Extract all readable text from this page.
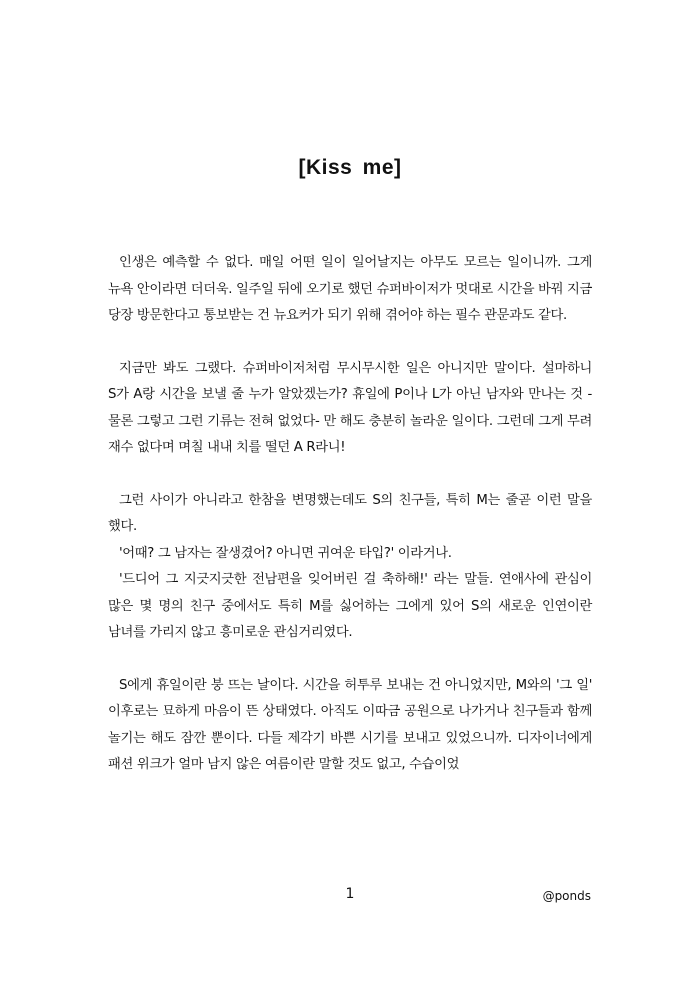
[Kiss me]

인생은 예측할 수 없다. 매일 어떤 일이 일어날지는 아무도 모르는 일이니까. 그게 뉴욕 안이라면 더더욱. 일주일 뒤에 오기로 했던 슈퍼바이저가 멋대로 시간을 바꿔 지금 당장 방문한다고 통보받는 건 뉴요커가 되기 위해 겪어야 하는 필수 관문과도 같다.

지금만 봐도 그랬다. 슈퍼바이저처럼 무시무시한 일은 아니지만 말이다. 설마하니 S가 A랑 시간을 보낼 줄 누가 알았겠는가? 휴일에 P이나 L가 아닌 남자와 만나는 것 -물론 그렇고 그런 기류는 전혀 없었다- 만 해도 충분히 놀라운 일이다. 그런데 그게 무려 재수 없다며 며칠 내내 치를 떨던 A R라니!

그런 사이가 아니라고 한참을 변명했는데도 S의 친구들, 특히 M는 줄곧 이런 말을 했다.

'어때? 그 남자는 잘생겼어? 아니면 귀여운 타입?' 이라거나.

'드디어 그 지긋지긋한 전남편을 잊어버린 걸 축하해!' 라는 말들. 연애사에 관심이 많은 몇 명의 친구 중에서도 특히 M를 싫어하는 그에게 있어 S의 새로운 인연이란 남녀를 가리지 않고 흥미로운 관심거리였다.

S에게 휴일이란 붕 뜨는 날이다. 시간을 허투루 보내는 건 아니었지만, M와의 '그 일' 이후로는 묘하게 마음이 뜬 상태였다. 아직도 이따금 공원으로 나가거나 친구들과 함께 놀기는 해도 잠깐 뿐이다. 다들 제각기 바쁜 시기를 보내고 있었으니까. 디자이너에게 패션 위크가 얼마 남지 않은 여름이란 말할 것도 없고, 수습이었

1	@ponds
